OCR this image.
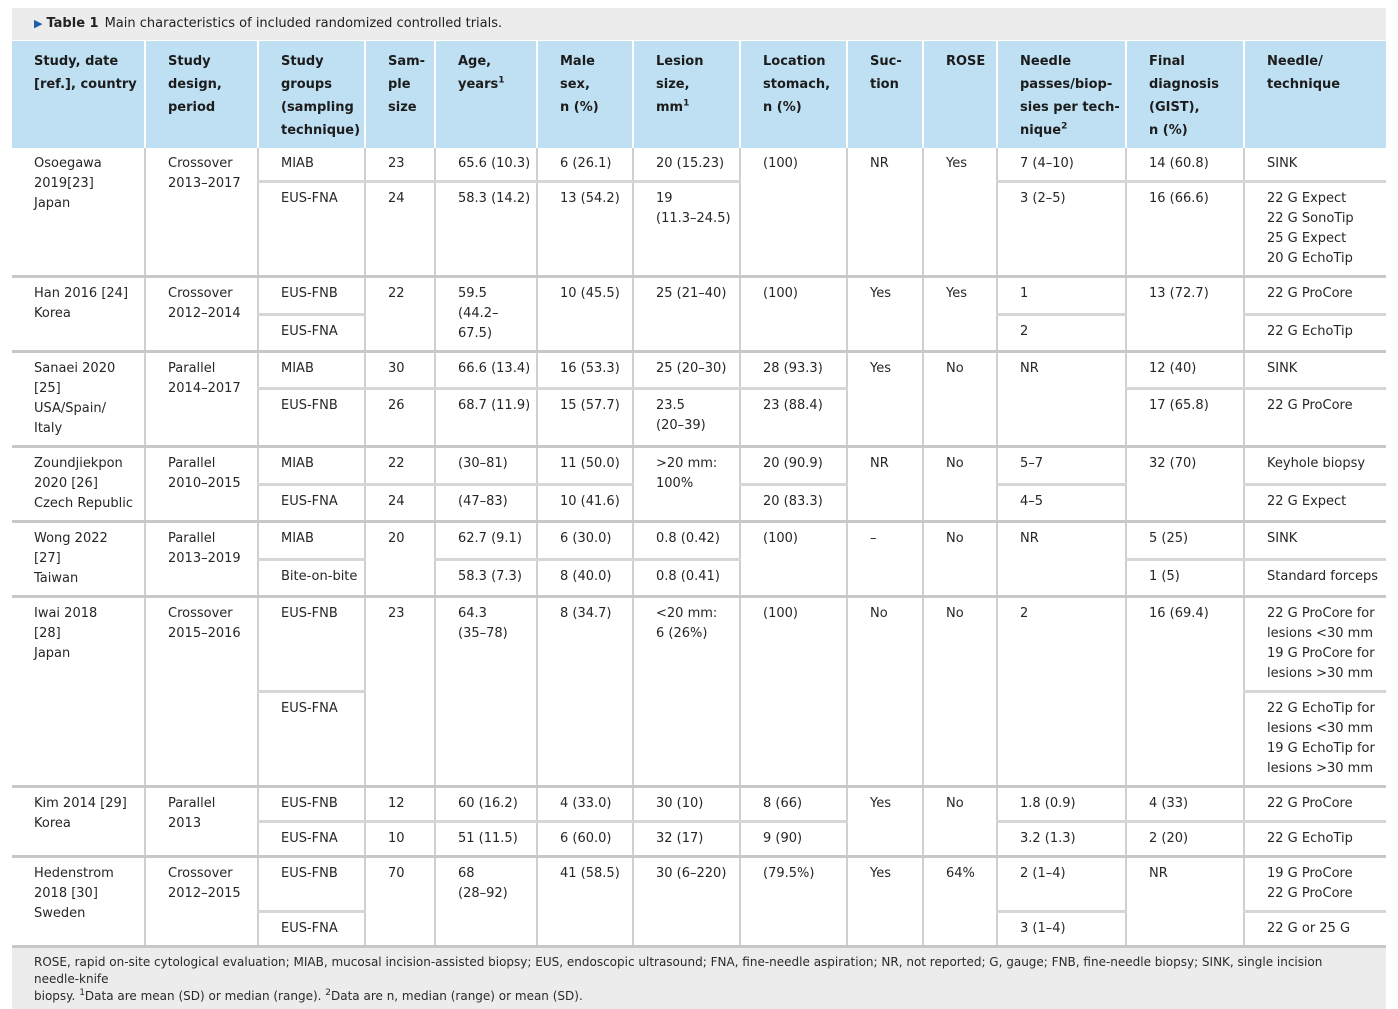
▶ Table 1 Main characteristics of included randomized controlled trials.
Study, date
[ref.], country	Study
design,
period	Study
groups
(sampling
technique)	Sam-
ple
size	Age,
years$^1$	Male sex,
n (%)	Lesion size,
$mm^1$	Location
stomach,
n (%)	Suc-
tion	ROSE	Needle
passes/biop-
sies per tech-
nique$^2$	Final
diagnosis
(GIST),
n (%)	Needle/
technique
Osoegawa
2019[23]
Japan	Crossover
2013–2017	MIAB	23	65.6 (10.3)	6 (26.1)	20 (15.23)	(100)	NR	Yes	7 (4–10)	14 (60.8)	SINK
		EUS-FNA	24	58.3 (14.2)	13 (54.2)	19
(11.3–24.5)				3 (2–5)	16 (66.6)	22 G Expect
22 G SonoTip
25 G Expect
20 G EchoTip
Han 2016 [24]
Korea	Crossover
2012–2014	EUS-FNB	22	59.5
(44.2–67.5)	10 (45.5)	25 (21–40)	(100)	Yes	Yes	1	13 (72.7)	22 G ProCore
		EUS-FNA								2		22 G EchoTip
Sanaei 2020
[25]
USA/Spain/
Italy	Parallel
2014–2017	MIAB	30	66.6 (13.4)	16 (53.3)	25 (20–30)	28 (93.3)	Yes	No	NR	12 (40)	SINK
		EUS-FNB	26	68.7 (11.9)	15 (57.7)	23.5
(20–39)	23 (88.4)				17 (65.8)	22 G ProCore
Zoundjiekpon
2020 [26]
Czech Republic	Parallel
2010–2015	MIAB	22	(30–81)	11 (50.0)	>20 mm:
100%	20 (90.9)	NR	No	5–7	32 (70)	Keyhole biopsy
		EUS-FNA	24	(47–83)	10 (41.6)		20 (83.3)			4–5		22 G Expect
Wong 2022
[27]
Taiwan	Parallel
2013–2019	MIAB	20	62.7 (9.1)	6 (30.0)	0.8 (0.42)	(100)	–	No	NR	5 (25)	SINK
		Bite-on-bite		58.3 (7.3)	8 (40.0)	0.8 (0.41)					1 (5)	Standard forceps
Iwai 2018
[28]
Japan	Crossover
2015–2016	EUS-FNB	23	64.3
(35–78)	8 (34.7)	<20 mm:
6 (26%)	(100)	No	No	2	16 (69.4)	22 G ProCore for
lesions <30 mm
19 G ProCore for
lesions >30 mm
		EUS-FNA										22 G EchoTip for
lesions <30 mm
19 G EchoTip for
lesions >30 mm
Kim 2014 [29]
Korea	Parallel
2013	EUS-FNB	12	60 (16.2)	4 (33.0)	30 (10)	8 (66)	Yes	No	1.8 (0.9)	4 (33)	22 G ProCore
		EUS-FNA	10	51 (11.5)	6 (60.0)	32 (17)	9 (90)			3.2 (1.3)	2 (20)	22 G EchoTip
Hedenstrom
2018 [30]
Sweden	Crossover
2012–2015	EUS-FNB	70	68
(28–92)	41 (58.5)	30 (6–220)	(79.5%)	Yes	64%	2 (1–4)	NR	19 G ProCore
22 G ProCore
		EUS-FNA								3 (1–4)		22 G or 25 G
ROSE, rapid on-site cytological evaluation; MIAB, mucosal incision-assisted biopsy; EUS, endoscopic ultrasound; FNA, fine-needle aspiration; NR, not reported; G, gauge; FNB, fine-needle biopsy; SINK, single incision needle-knife
biopsy. $^1$Data are mean (SD) or median (range). $^2$Data are n, median (range) or mean (SD).
